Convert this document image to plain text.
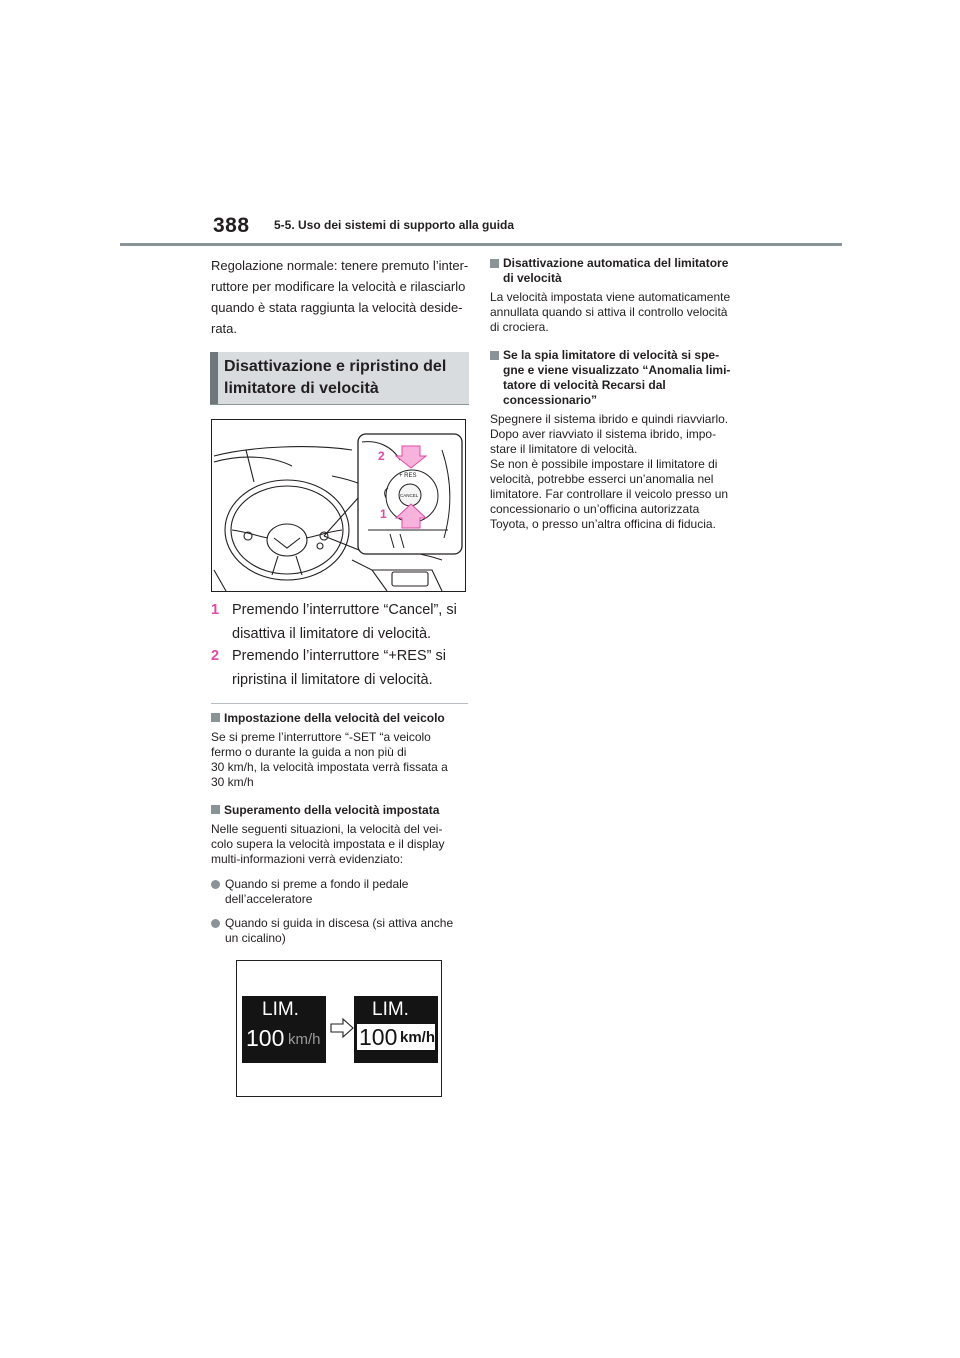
388 5-5. Uso dei sistemi di supporto alla guida
Regolazione normale: tenere premuto l’inter-
ruttore per modificare la velocità e rilasciarlo
quando è stata raggiunta la velocità deside-
rata.
Disattivazione e ripristino del limitatore di velocità
+ RES
CANCEL
2
1
1 Premendo l’interruttore “Cancel”, si disattiva il limitatore di velocità.
2 Premendo l’interruttore “+RES” si ripristina il limitatore di velocità.
Impostazione della velocità del veicolo
Se si preme l’interruttore “-SET “a veicolo
fermo o durante la guida a non più di
30 km/h, la velocità impostata verrà fissata a
30 km/h
Superamento della velocità impostata
Nelle seguenti situazioni, la velocità del vei-
colo supera la velocità impostata e il display
multi-informazioni verrà evidenziato:
Quando si preme a fondo il pedale
dell’acceleratore
Quando si guida in discesa (si attiva anche
un cicalino)
LIM.
100 km/h
LIM.
100 km/h
Disattivazione automatica del limitatore
di velocità
La velocità impostata viene automaticamente
annullata quando si attiva il controllo velocità
di crociera.
Se la spia limitatore di velocità si spe-
gne e viene visualizzato “Anomalia limi-
tatore di velocità Recarsi dal
concessionario”
Spegnere il sistema ibrido e quindi riavviarlo.
Dopo aver riavviato il sistema ibrido, impo-
stare il limitatore di velocità.
Se non è possibile impostare il limitatore di
velocità, potrebbe esserci un’anomalia nel
limitatore. Far controllare il veicolo presso un
concessionario o un’officina autorizzata
Toyota, o presso un’altra officina di fiducia.
